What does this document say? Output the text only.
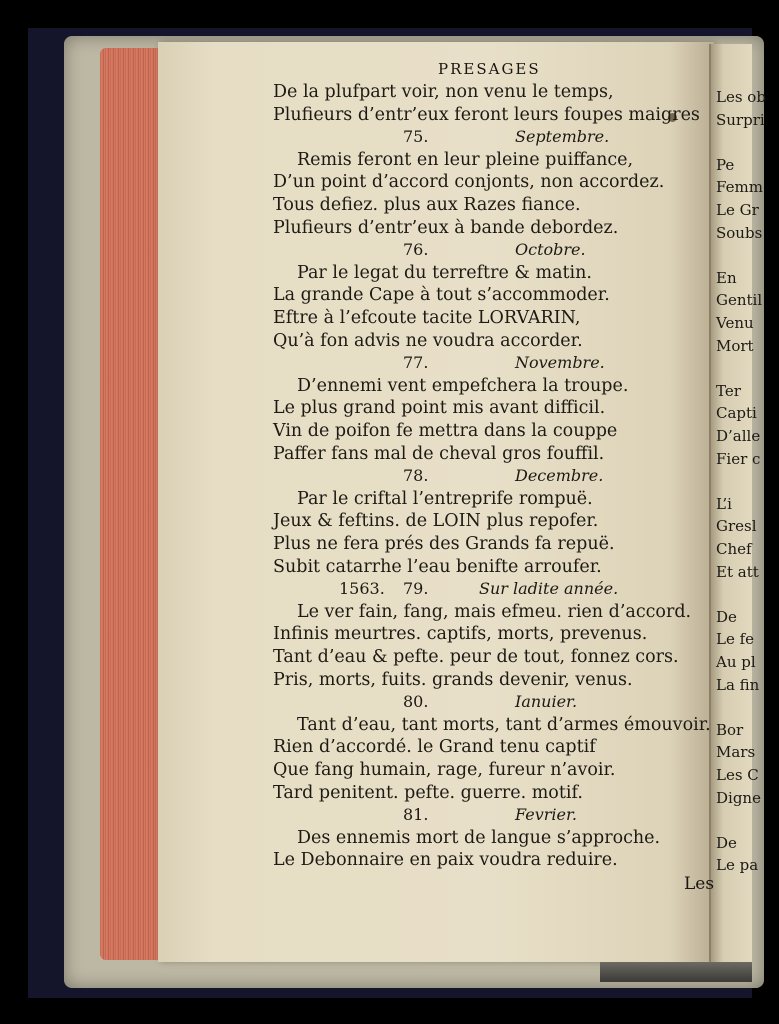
Les ob
Surpri
Pe
Femm
Le Gr
Soubs
En
Gentil
Venu
Mort
Ter
Capti
D’alle
Fier c
L’i
Gresl
Chef
Et att
De
Le fe
Au pl
La fin
Bor
Mars
Les C
Digne
De
Le pa
PRESAGES
De la plufpart voir, non venu le temps,
Plufieurs d’entr’eux feront leurs foupes maigres
75.	Septembre.
Remis feront en leur pleine puiffance,
D’un point d’accord conjonts, non accordez.
Tous defiez. plus aux Razes fiance.
Plufieurs d’entr’eux à bande debordez.
76.	Octobre.
Par le legat du terreftre & matin.
La grande Cape à tout s’accommoder.
Eftre à l’efcoute tacite LORVARIN,
Qu’à fon advis ne voudra accorder.
77.	Novembre.
D’ennemi vent empefchera la troupe.
Le plus grand point mis avant difficil.
Vin de poifon fe mettra dans la couppe
Paffer fans mal de cheval gros fouffil.
78.	Decembre.
Par le criftal l’entreprife rompuë.
Jeux & feftins. de LOIN plus repofer.
Plus ne fera prés des Grands fa repuë.
Subit catarrhe l’eau benifte arroufer.
1563. 79.	Sur ladite année.
Le ver fain, fang, mais efmeu. rien d’accord.
Infinis meurtres. captifs, morts, prevenus.
Tant d’eau & pefte. peur de tout, fonnez cors.
Pris, morts, fuits. grands devenir, venus.
80.	Ianuier.
Tant d’eau, tant morts, tant d’armes émouvoir.
Rien d’accordé. le Grand tenu captif
Que fang humain, rage, fureur n’avoir.
Tard penitent. pefte. guerre. motif.
81.	Fevrier.
Des ennemis mort de langue s’approche.
Le Debonnaire en paix voudra reduire.
Les
